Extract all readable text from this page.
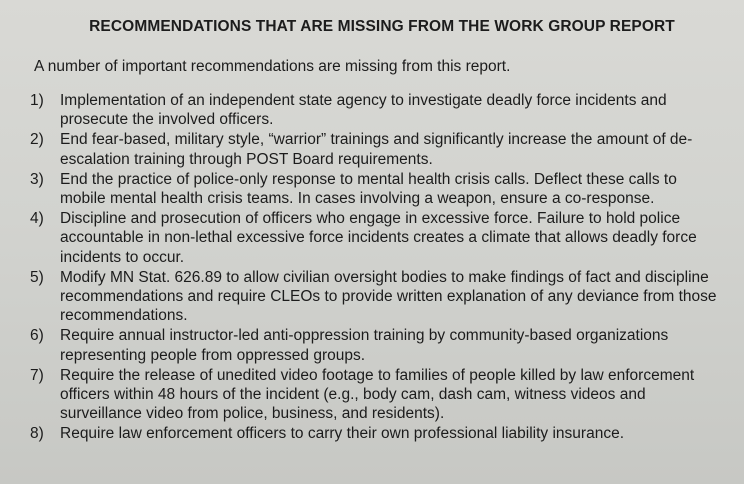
RECOMMENDATIONS THAT ARE MISSING FROM THE WORK GROUP REPORT
A number of important recommendations are missing from this report.
1)	Implementation of an independent state agency to investigate deadly force incidents and prosecute the involved officers.
2)	End fear-based, military style, “warrior” trainings and significantly increase the amount of de-escalation training through POST Board requirements.
3)	End the practice of police-only response to mental health crisis calls. Deflect these calls to mobile mental health crisis teams. In cases involving a weapon, ensure a co-response.
4)	Discipline and prosecution of officers who engage in excessive force. Failure to hold police accountable in non-lethal excessive force incidents creates a climate that allows deadly force incidents to occur.
5)	Modify MN Stat. 626.89 to allow civilian oversight bodies to make findings of fact and discipline recommendations and require CLEOs to provide written explanation of any deviance from those recommendations.
6)	Require annual instructor-led anti-oppression training by community-based organizations representing people from oppressed groups.
7)	Require the release of unedited video footage to families of people killed by law enforcement officers within 48 hours of the incident (e.g., body cam, dash cam, witness videos and surveillance video from police, business, and residents).
8)	Require law enforcement officers to carry their own professional liability insurance.
